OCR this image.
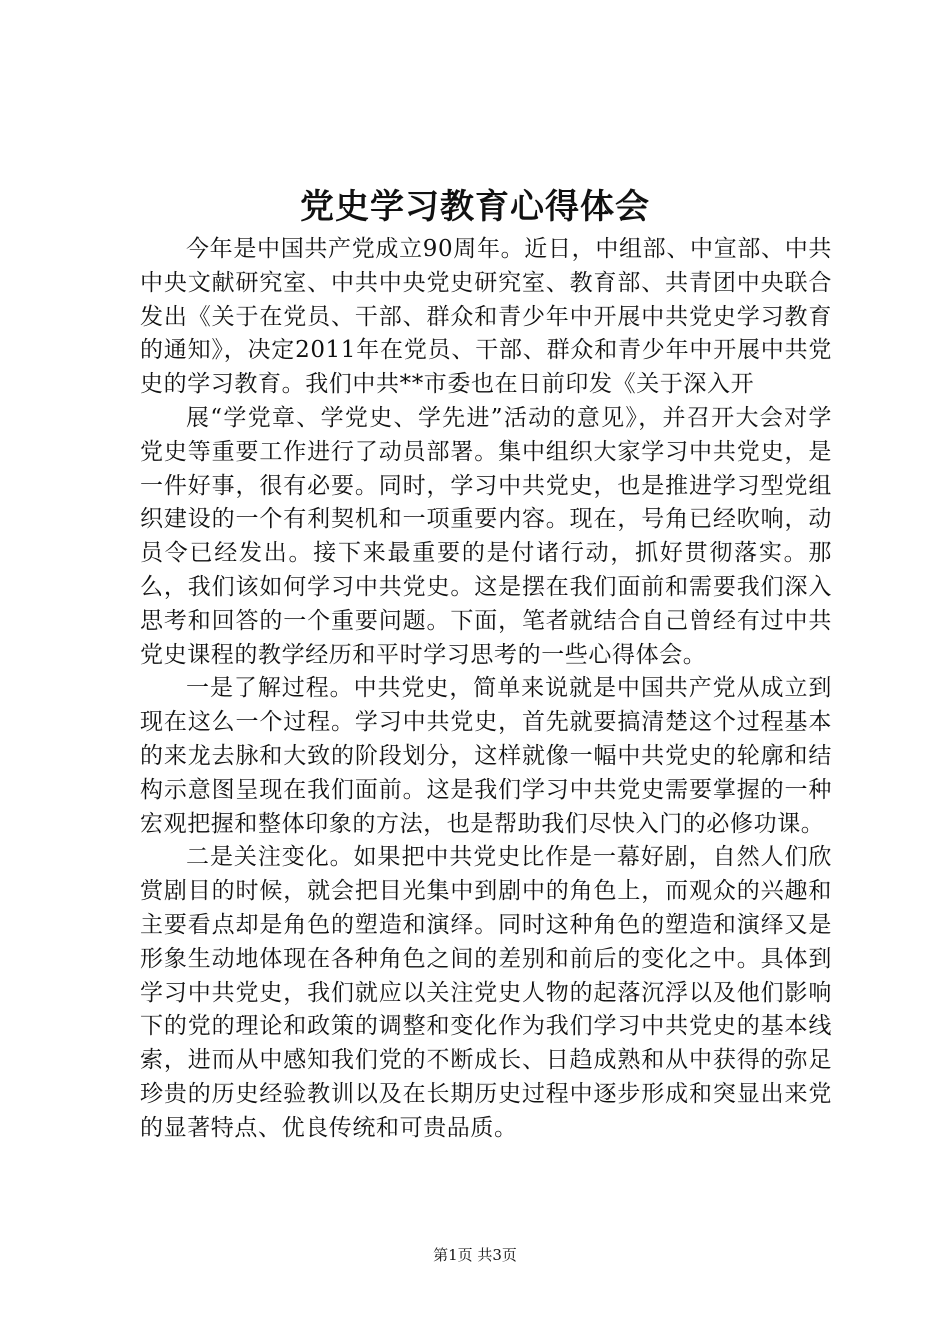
党史学习教育心得体会

今年是中国共产党成立90周年。近日，中组部、中宣部、中共中央文献研究室、中共中央党史研究室、教育部、共青团中央联合发出《关于在党员、干部、群众和青少年中开展中共党史学习教育的通知》，决定2011年在党员、干部、群众和青少年中开展中共党史的学习教育。我们中共**市委也在日前印发《关于深入开

展“学党章、学党史、学先进”活动的意见》，并召开大会对学党史等重要工作进行了动员部署。集中组织大家学习中共党史，是一件好事，很有必要。同时，学习中共党史，也是推进学习型党组织建设的一个有利契机和一项重要内容。现在，号角已经吹响，动员令已经发出。接下来最重要的是付诸行动，抓好贯彻落实。那么，我们该如何学习中共党史。这是摆在我们面前和需要我们深入思考和回答的一个重要问题。下面，笔者就结合自己曾经有过中共党史课程的教学经历和平时学习思考的一些心得体会。

一是了解过程。中共党史，简单来说就是中国共产党从成立到现在这么一个过程。学习中共党史，首先就要搞清楚这个过程基本的来龙去脉和大致的阶段划分，这样就像一幅中共党史的轮廓和结构示意图呈现在我们面前。这是我们学习中共党史需要掌握的一种宏观把握和整体印象的方法，也是帮助我们尽快入门的必修功课。

二是关注变化。如果把中共党史比作是一幕好剧，自然人们欣赏剧目的时候，就会把目光集中到剧中的角色上，而观众的兴趣和主要看点却是角色的塑造和演绎。同时这种角色的塑造和演绎又是形象生动地体现在各种角色之间的差别和前后的变化之中。具体到学习中共党史，我们就应以关注党史人物的起落沉浮以及他们影响下的党的理论和政策的调整和变化作为我们学习中共党史的基本线索，进而从中感知我们党的不断成长、日趋成熟和从中获得的弥足珍贵的历史经验教训以及在长期历史过程中逐步形成和突显出来党的显著特点、优良传统和可贵品质。

第1页 共3页
